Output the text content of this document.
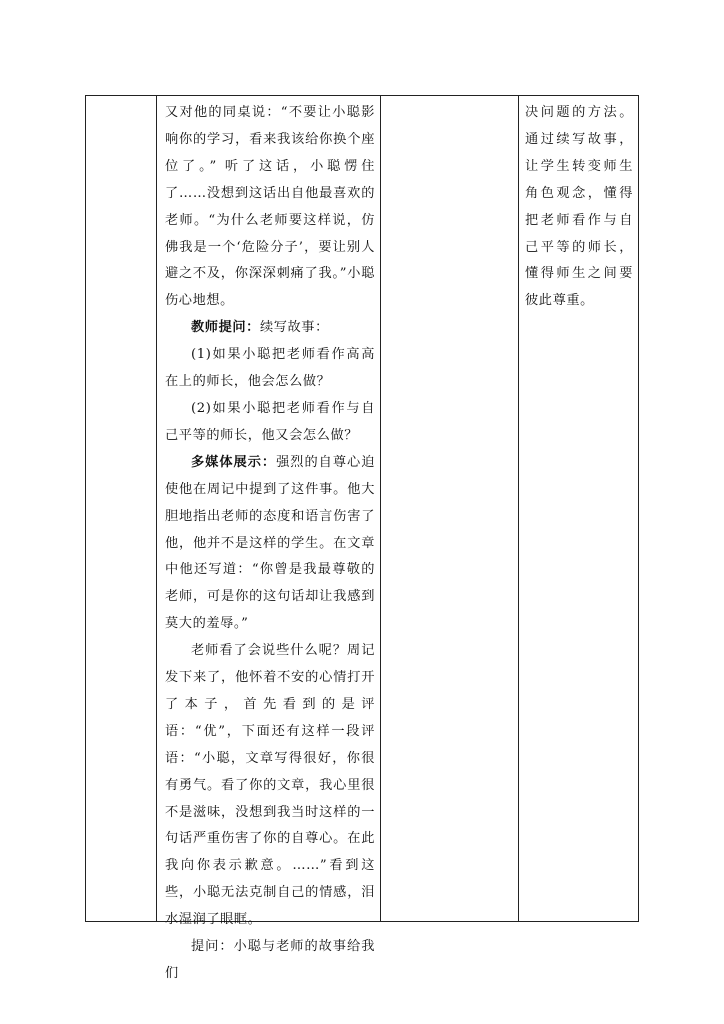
又对他的同桌说：“不要让小聪影响你的学习，看来我该给你换个座位了。” 听了这话，小聪愣住了……没想到这话出自他最喜欢的老师。“为什么老师要这样说，仿佛我是一个‘危险分子’，要让别人避之不及，你深深刺痛了我。”小聪伤心地想。

教师提问：续写故事：

(1)如果小聪把老师看作高高在上的师长，他会怎么做？

(2)如果小聪把老师看作与自己平等的师长，他又会怎么做？

多媒体展示：强烈的自尊心迫使他在周记中提到了这件事。他大胆地指出老师的态度和语言伤害了他，他并不是这样的学生。在文章中他还写道：“你曾是我最尊敬的老师，可是你的这句话却让我感到莫大的羞辱。”

老师看了会说些什么呢？周记发下来了，他怀着不安的心情打开了本子，首先看到的是评语：“优”，下面还有这样一段评语：“小聪，文章写得很好，你很有勇气。看了你的文章，我心里很不是滋味，没想到我当时这样的一句话严重伤害了你的自尊心。在此我向你表示歉意。……”看到这些，小聪无法克制自己的情感，泪水湿润了眼眶。

提问：小聪与老师的故事给我们

决问题的方法。通过续写故事，让学生转变师生角色观念，懂得把老师看作与自己平等的师长，懂得师生之间要彼此尊重。
